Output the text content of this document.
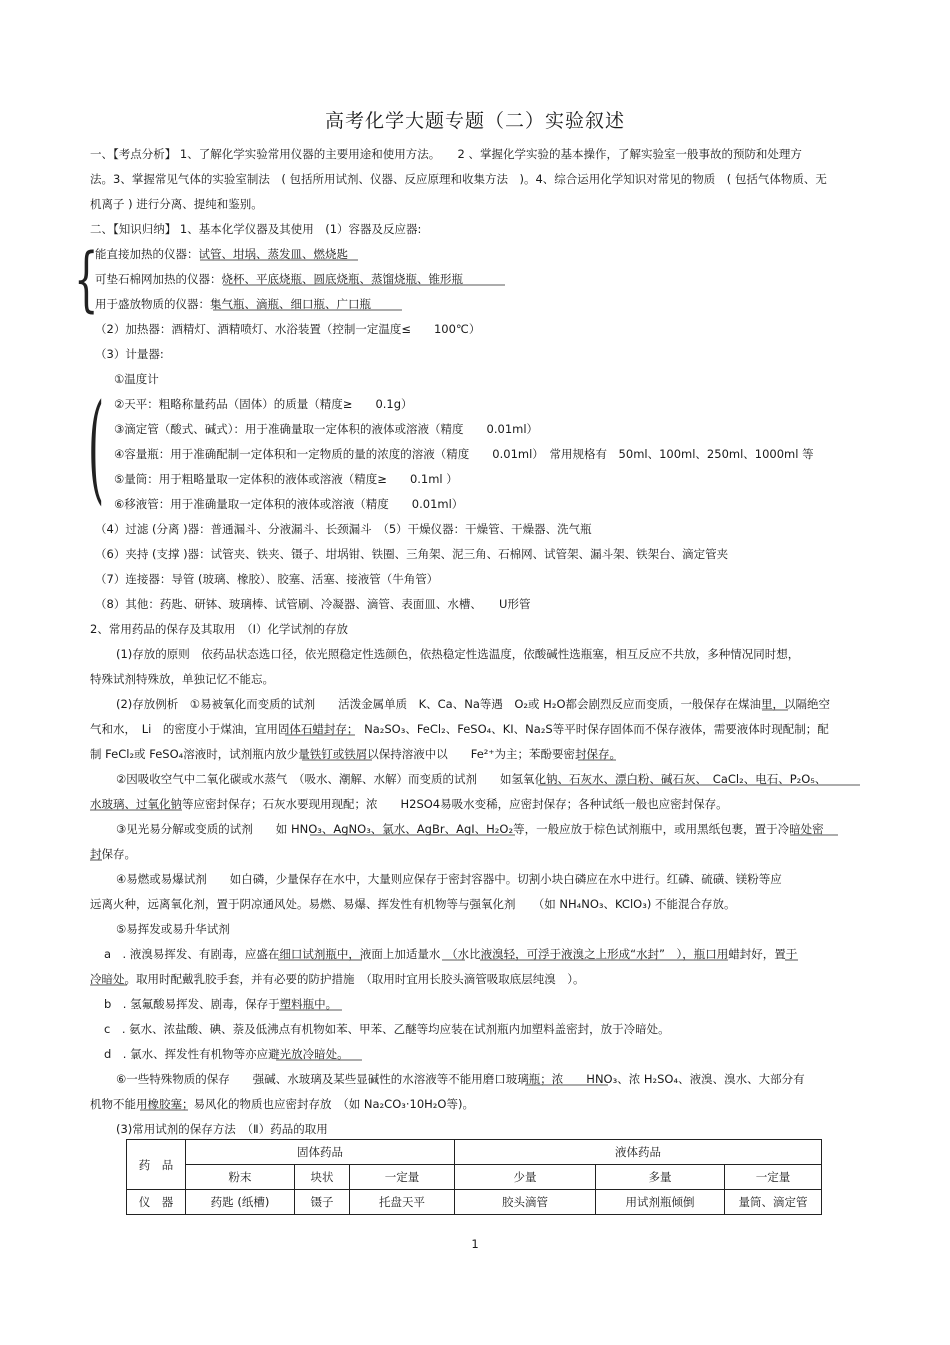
高考化学大题专题（二）实验叙述
一、【考点分析】 1、了解化学实验常用仪器的主要用途和使用方法。　　2 、掌握化学实验的基本操作，了解实验室一般事故的预防和处理方
法。3、掌握常见气体的实验室制法　( 包括所用试剂、仪器、反应原理和收集方法　)。4、综合运用化学知识对常见的物质　( 包括气体物质、无
机离子 ) 进行分离、提纯和鉴别。
二、【知识归纳】 1、基本化学仪器及其使用　(1）容器及反应器:
能直接加热的仪器：试管、坩埚、蒸发皿、燃烧匙
可垫石棉网加热的仪器：烧杯、平底烧瓶、圆底烧瓶、蒸馏烧瓶、锥形瓶
用于盛放物质的仪器：集气瓶、滴瓶、细口瓶、广口瓶
（2）加热器：酒精灯、酒精喷灯、水浴装置（控制一定温度≤　　100℃）
（3）计量器:
①温度计
②天平：粗略称量药品（固体）的质量（精度≥　　0.1g）
③滴定管（酸式、碱式）：用于准确量取一定体积的液体或溶液（精度　　0.01ml）
④容量瓶：用于准确配制一定体积和一定物质的量的浓度的溶液（精度　　0.01ml）　常用规格有　50ml、100ml、250ml、1000ml 等
⑤量筒：用于粗略量取一定体积的液体或溶液（精度≥　　0.1ml ）
⑥移液管：用于准确量取一定体积的液体或溶液（精度　　0.01ml）
（4）过滤 (分离 )器：普通漏斗、分液漏斗、长颈漏斗　（5）干燥仪器：干燥管、干燥器、洗气瓶
（6）夹持 (支撑 )器：试管夹、铁夹、镊子、坩埚钳、铁圈、三角架、泥三角、石棉网、试管架、漏斗架、铁架台、滴定管夹
（7）连接器：导管 (玻璃、橡胶）、胶塞、活塞、接液管（牛角管）
（8）其他：药匙、研钵、玻璃棒、试管刷、冷凝器、滴管、表面皿、水槽、　　U形管
2、常用药品的保存及其取用　（Ⅰ）化学试剂的存放
(1)存放的原则　依药品状态选口径，依光照稳定性选颜色，依热稳定性选温度，依酸碱性选瓶塞，相互反应不共放，多种情况同时想，
特殊试剂特殊放，单独记忆不能忘。
(2)存放例析　①易被氧化而变质的试剂　　活泼金属单质　K、Ca、Na等遇　O₂或 H₂O都会剧烈反应而变质，一般保存在煤油里，以隔绝空
气和水，　Li　的密度小于煤油，宜用固体石蜡封存；　Na₂SO₃、FeCl₂、FeSO₄、KI、Na₂S等平时保存固体而不保存液体，需要液体时现配制；配
制 FeCl₂或 FeSO₄溶液时，试剂瓶内放少量铁钉或铁屑以保持溶液中以　　Fe²⁺为主；苯酚要密封保存。
②因吸收空气中二氧化碳或水蒸气　（吸水、潮解、水解）而变质的试剂　　如氢氧化钠、石灰水、漂白粉、碱石灰、　CaCl₂、电石、P₂O₅、
水玻璃、过氧化钠等应密封保存；石灰水要现用现配；浓　　H2SO4易吸水变稀，应密封保存；各种试纸一般也应密封保存。
③见光易分解或变质的试剂　　如 HNO₃、AgNO₃、氯水、AgBr、AgI、H₂O₂等，一般应放于棕色试剂瓶中，或用黑纸包裹，置于冷暗处密
封保存。
④易燃或易爆试剂　　如白磷，少量保存在水中，大量则应保存于密封容器中。切割小块白磷应在水中进行。红磷、硫磺、镁粉等应
远离火种，远离氧化剂，置于阴凉通风处。易燃、易爆、挥发性有机物等与强氧化剂　　（如 NH₄NO₃、KClO₃) 不能混合存放。
⑤易挥发或易升华试剂
a　. 液溴易挥发、有剧毒，应盛在细口试剂瓶中，液面上加适量水　（水比液溴轻，可浮于液溴之上形成“水封”　），瓶口用蜡封好，置于
冷暗处。取用时配戴乳胶手套，并有必要的防护措施　（取用时宜用长胶头滴管吸取底层纯溴　）。
b　. 氢氟酸易挥发、剧毒，保存于塑料瓶中。
c　. 氨水、浓盐酸、碘、萘及低沸点有机物如苯、甲苯、乙醚等均应装在试剂瓶内加塑料盖密封，放于冷暗处。
d　. 氯水、挥发性有机物等亦应避光放冷暗处。
⑥一些特殊物质的保存　　强碱、水玻璃及某些显碱性的水溶液等不能用磨口玻璃瓶；浓　　HNO₃、浓 H₂SO₄、液溴、溴水、大部分有
机物不能用橡胶塞；易风化的物质也应密封存放　（如 Na₂CO₃·10H₂O等)。
(3)常用试剂的保存方法　（Ⅱ）药品的取用
{
(
药　品	固体药品			液体药品		
	粉末	块状	一定量	少量	多量	一定量
仪　器	药匙 (纸槽)	镊子	托盘天平	胶头滴管	用试剂瓶倾倒	量筒、滴定管
1
